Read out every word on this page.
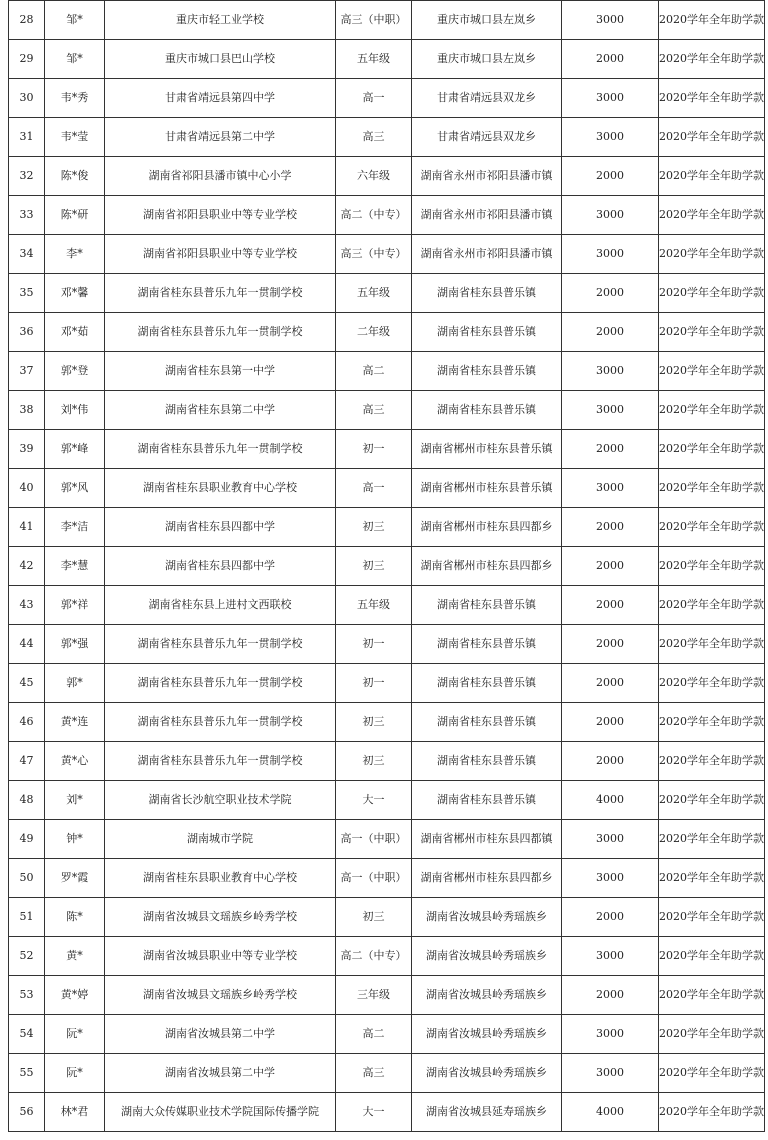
28	邹*	重庆市轻工业学校	高三（中职）	重庆市城口县左岚乡	3000	2020学年全年助学款
29	邹*	重庆市城口县巴山学校	五年级	重庆市城口县左岚乡	2000	2020学年全年助学款
30	韦*秀	甘肃省靖远县第四中学	高一	甘肃省靖远县双龙乡	3000	2020学年全年助学款
31	韦*莹	甘肃省靖远县第二中学	高三	甘肃省靖远县双龙乡	3000	2020学年全年助学款
32	陈*俊	湖南省祁阳县潘市镇中心小学	六年级	湖南省永州市祁阳县潘市镇	2000	2020学年全年助学款
33	陈*研	湖南省祁阳县职业中等专业学校	高二（中专）	湖南省永州市祁阳县潘市镇	3000	2020学年全年助学款
34	李*	湖南省祁阳县职业中等专业学校	高三（中专）	湖南省永州市祁阳县潘市镇	3000	2020学年全年助学款
35	邓*馨	湖南省桂东县普乐九年一贯制学校	五年级	湖南省桂东县普乐镇	2000	2020学年全年助学款
36	邓*茹	湖南省桂东县普乐九年一贯制学校	二年级	湖南省桂东县普乐镇	2000	2020学年全年助学款
37	郭*登	湖南省桂东县第一中学	高二	湖南省桂东县普乐镇	3000	2020学年全年助学款
38	刘*伟	湖南省桂东县第二中学	高三	湖南省桂东县普乐镇	3000	2020学年全年助学款
39	郭*峰	湖南省桂东县普乐九年一贯制学校	初一	湖南省郴州市桂东县普乐镇	2000	2020学年全年助学款
40	郭*风	湖南省桂东县职业教育中心学校	高一	湖南省郴州市桂东县普乐镇	3000	2020学年全年助学款
41	李*洁	湖南省桂东县四都中学	初三	湖南省郴州市桂东县四都乡	2000	2020学年全年助学款
42	李*慧	湖南省桂东县四都中学	初三	湖南省郴州市桂东县四都乡	2000	2020学年全年助学款
43	郭*祥	湖南省桂东县上进村文西联校	五年级	湖南省桂东县普乐镇	2000	2020学年全年助学款
44	郭*强	湖南省桂东县普乐九年一贯制学校	初一	湖南省桂东县普乐镇	2000	2020学年全年助学款
45	郭*	湖南省桂东县普乐九年一贯制学校	初一	湖南省桂东县普乐镇	2000	2020学年全年助学款
46	黄*连	湖南省桂东县普乐九年一贯制学校	初三	湖南省桂东县普乐镇	2000	2020学年全年助学款
47	黄*心	湖南省桂东县普乐九年一贯制学校	初三	湖南省桂东县普乐镇	2000	2020学年全年助学款
48	刘*	湖南省长沙航空职业技术学院	大一	湖南省桂东县普乐镇	4000	2020学年全年助学款
49	钟*	湖南城市学院	高一（中职）	湖南省郴州市桂东县四都镇	3000	2020学年全年助学款
50	罗*霞	湖南省桂东县职业教育中心学校	高一（中职）	湖南省郴州市桂东县四都乡	3000	2020学年全年助学款
51	陈*	湖南省汝城县文瑶族乡岭秀学校	初三	湖南省汝城县岭秀瑶族乡	2000	2020学年全年助学款
52	黄*	湖南省汝城县职业中等专业学校	高二（中专）	湖南省汝城县岭秀瑶族乡	3000	2020学年全年助学款
53	黄*婷	湖南省汝城县文瑶族乡岭秀学校	三年级	湖南省汝城县岭秀瑶族乡	2000	2020学年全年助学款
54	阮*	湖南省汝城县第二中学	高二	湖南省汝城县岭秀瑶族乡	3000	2020学年全年助学款
55	阮*	湖南省汝城县第二中学	高三	湖南省汝城县岭秀瑶族乡	3000	2020学年全年助学款
56	林*君	湖南大众传媒职业技术学院国际传播学院	大一	湖南省汝城县延寿瑶族乡	4000	2020学年全年助学款
